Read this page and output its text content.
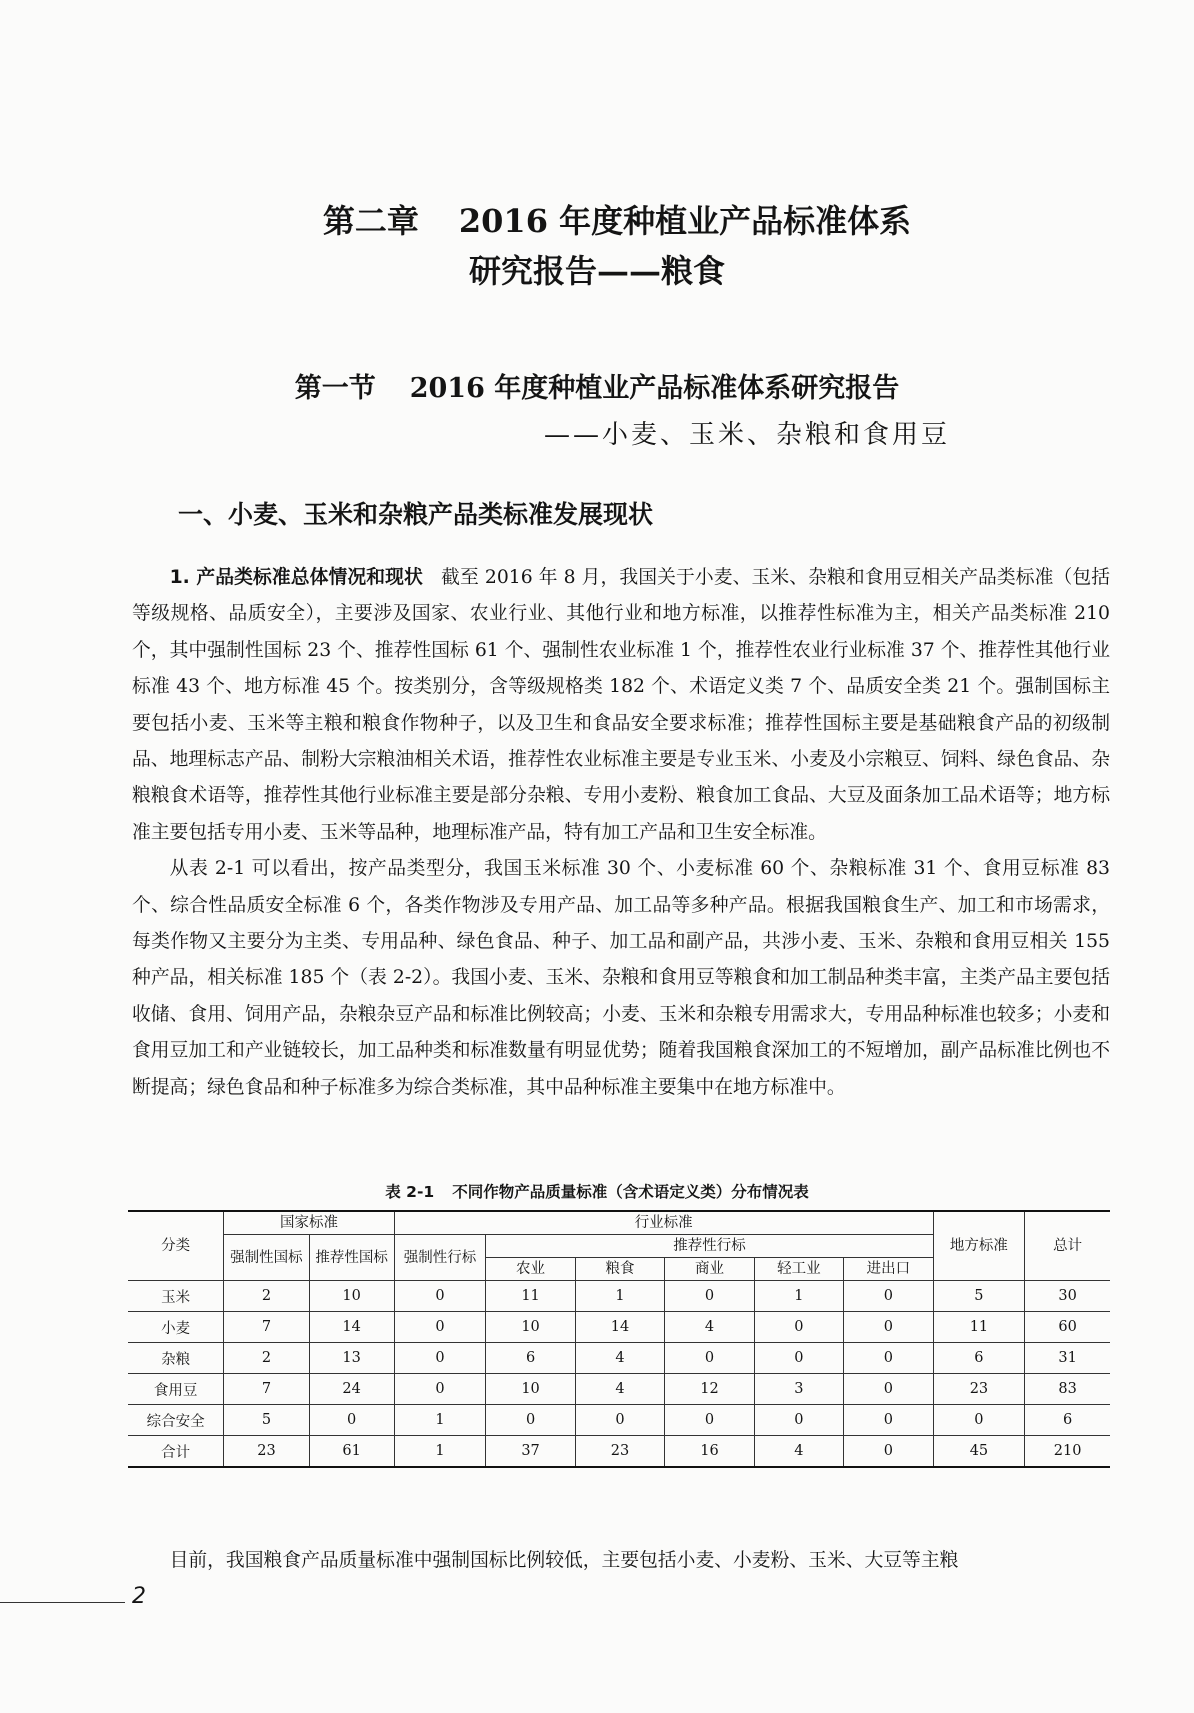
第二章 2016 年度种植业产品标准体系
研究报告——粮食
第一节 2016 年度种植业产品标准体系研究报告
——小麦、玉米、杂粮和食用豆
一、小麦、玉米和杂粮产品类标准发展现状

1. 产品类标准总体情况和现状 截至 2016 年 8 月，我国关于小麦、玉米、杂粮和食用豆相关产品类标准（包括等级规格、品质安全），主要涉及国家、农业行业、其他行业和地方标准，以推荐性标准为主，相关产品类标准 210 个，其中强制性国标 23 个、推荐性国标 61 个、强制性农业标准 1 个，推荐性农业行业标准 37 个、推荐性其他行业标准 43 个、地方标准 45 个。按类别分，含等级规格类 182 个、术语定义类 7 个、品质安全类 21 个。强制国标主要包括小麦、玉米等主粮和粮食作物种子，以及卫生和食品安全要求标准；推荐性国标主要是基础粮食产品的初级制品、地理标志产品、制粉大宗粮油相关术语，推荐性农业标准主要是专业玉米、小麦及小宗粮豆、饲料、绿色食品、杂粮粮食术语等，推荐性其他行业标准主要是部分杂粮、专用小麦粉、粮食加工食品、大豆及面条加工品术语等；地方标准主要包括专用小麦、玉米等品种，地理标准产品，特有加工产品和卫生安全标准。

从表 2-1 可以看出，按产品类型分，我国玉米标准 30 个、小麦标准 60 个、杂粮标准 31 个、食用豆标准 83 个、综合性品质安全标准 6 个，各类作物涉及专用产品、加工品等多种产品。根据我国粮食生产、加工和市场需求，每类作物又主要分为主类、专用品种、绿色食品、种子、加工品和副产品，共涉小麦、玉米、杂粮和食用豆相关 155 种产品，相关标准 185 个（表 2-2）。我国小麦、玉米、杂粮和食用豆等粮食和加工制品种类丰富，主类产品主要包括收储、食用、饲用产品，杂粮杂豆产品和标准比例较高；小麦、玉米和杂粮专用需求大，专用品种标准也较多；小麦和食用豆加工和产业链较长，加工品种类和标准数量有明显优势；随着我国粮食深加工的不短增加，副产品标准比例也不断提高；绿色食品和种子标准多为综合类标准，其中品种标准主要集中在地方标准中。

表 2-1 不同作物产品质量标准（含术语定义类）分布情况表
分类	国家标准		行业标准						地方标准	总计
	强制性国标	推荐性国标	强制性行标	推荐性行标						
				农业	粮食	商业	轻工业	进出口		
玉米	2	10	0	11	1	0	1	0	5	30
小麦	7	14	0	10	14	4	0	0	11	60
杂粮	2	13	0	6	4	0	0	0	6	31
食用豆	7	24	0	10	4	12	3	0	23	83
综合安全	5	0	1	0	0	0	0	0	0	6
合计	23	61	1	37	23	16	4	0	45	210
目前，我国粮食产品质量标准中强制国标比例较低，主要包括小麦、小麦粉、玉米、大豆等主粮
2
